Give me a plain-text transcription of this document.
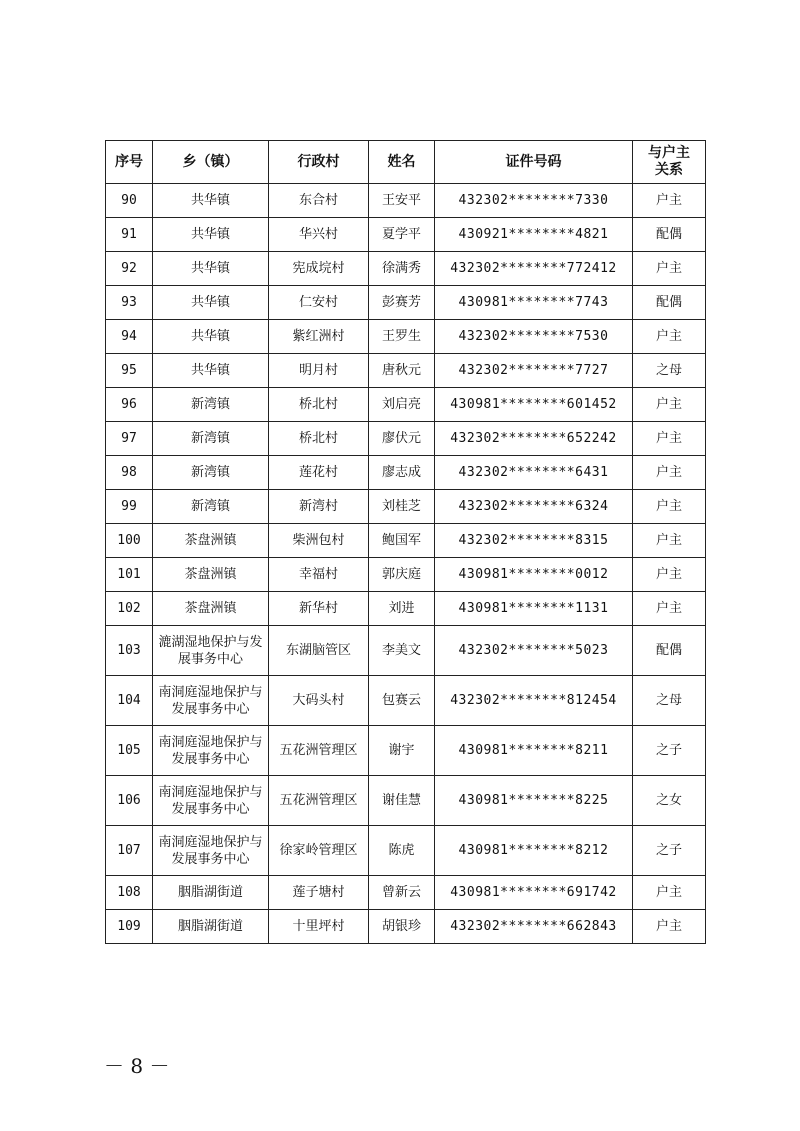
序号	乡（镇）	行政村	姓名	证件号码	与户主关系
90	共华镇	东合村	王安平	432302********7330	户主
91	共华镇	华兴村	夏学平	430921********4821	配偶
92	共华镇	宪成垸村	徐满秀	432302********772412	户主
93	共华镇	仁安村	彭赛芳	430981********7743	配偶
94	共华镇	紫红洲村	王罗生	432302********7530	户主
95	共华镇	明月村	唐秋元	432302********7727	之母
96	新湾镇	桥北村	刘启亮	430981********601452	户主
97	新湾镇	桥北村	廖伏元	432302********652242	户主
98	新湾镇	莲花村	廖志成	432302********6431	户主
99	新湾镇	新湾村	刘桂芝	432302********6324	户主
100	茶盘洲镇	柴洲包村	鲍国军	432302********8315	户主
101	茶盘洲镇	幸福村	郭庆庭	430981********0012	户主
102	茶盘洲镇	新华村	刘进	430981********1131	户主
103	漉湖湿地保护与发展事务中心	东湖脑管区	李美文	432302********5023	配偶
104	南洞庭湿地保护与发展事务中心	大码头村	包赛云	432302********812454	之母
105	南洞庭湿地保护与发展事务中心	五花洲管理区	谢宇	430981********8211	之子
106	南洞庭湿地保护与发展事务中心	五花洲管理区	谢佳慧	430981********8225	之女
107	南洞庭湿地保护与发展事务中心	徐家岭管理区	陈虎	430981********8212	之子
108	胭脂湖街道	莲子塘村	曾新云	430981********691742	户主
109	胭脂湖街道	十里坪村	胡银珍	432302********662843	户主
－ 8 －
